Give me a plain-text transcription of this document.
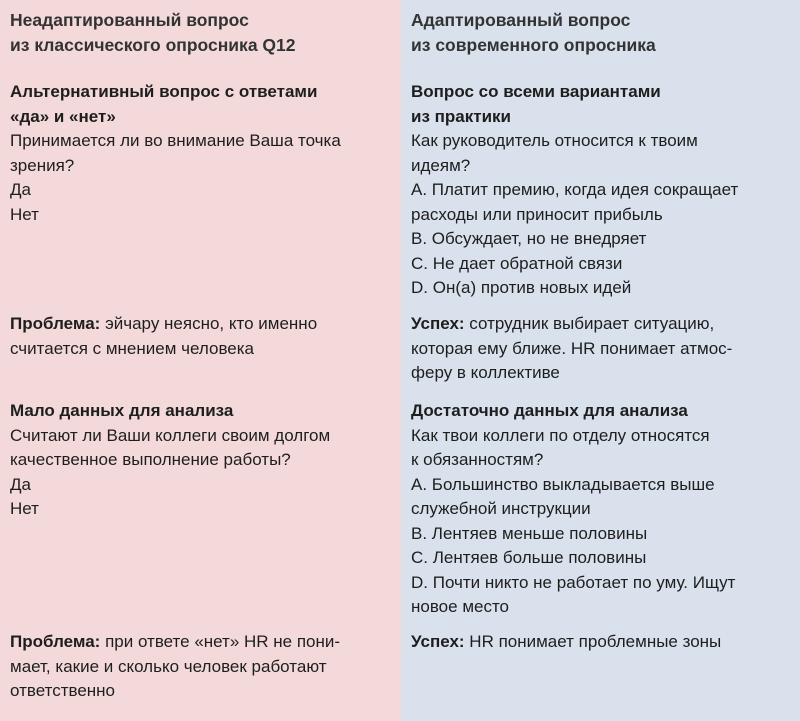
Неадаптированный вопрос
из классического опросника Q12
Альтернативный вопрос с ответами
«да» и «нет»
Принимается ли во внимание Ваша точка
зрения?
Да
Нет
Проблема: эйчару неясно, кто именно
считается с мнением человека
Мало данных для анализа
Считают ли Ваши коллеги своим долгом
качественное выполнение работы?
Да
Нет
Проблема: при ответе «нет» HR не пони-
мает, какие и сколько человек работают
ответственно
Адаптированный вопрос
из современного опросника
Вопрос со всеми вариантами
из практики
Как руководитель относится к твоим
идеям?
A. Платит премию, когда идея сокращает
расходы или приносит прибыль
B. Обсуждает, но не внедряет
C. Не дает обратной связи
D. Он(а) против новых идей
Успех: сотрудник выбирает ситуацию,
которая ему ближе. HR понимает атмос-
феру в коллективе
Достаточно данных для анализа
Как твои коллеги по отделу относятся
к обязанностям?
A. Большинство выкладывается выше
служебной инструкции
B. Лентяев меньше половины
C. Лентяев больше половины
D. Почти никто не работает по уму. Ищут
новое место
Успех: HR понимает проблемные зоны
